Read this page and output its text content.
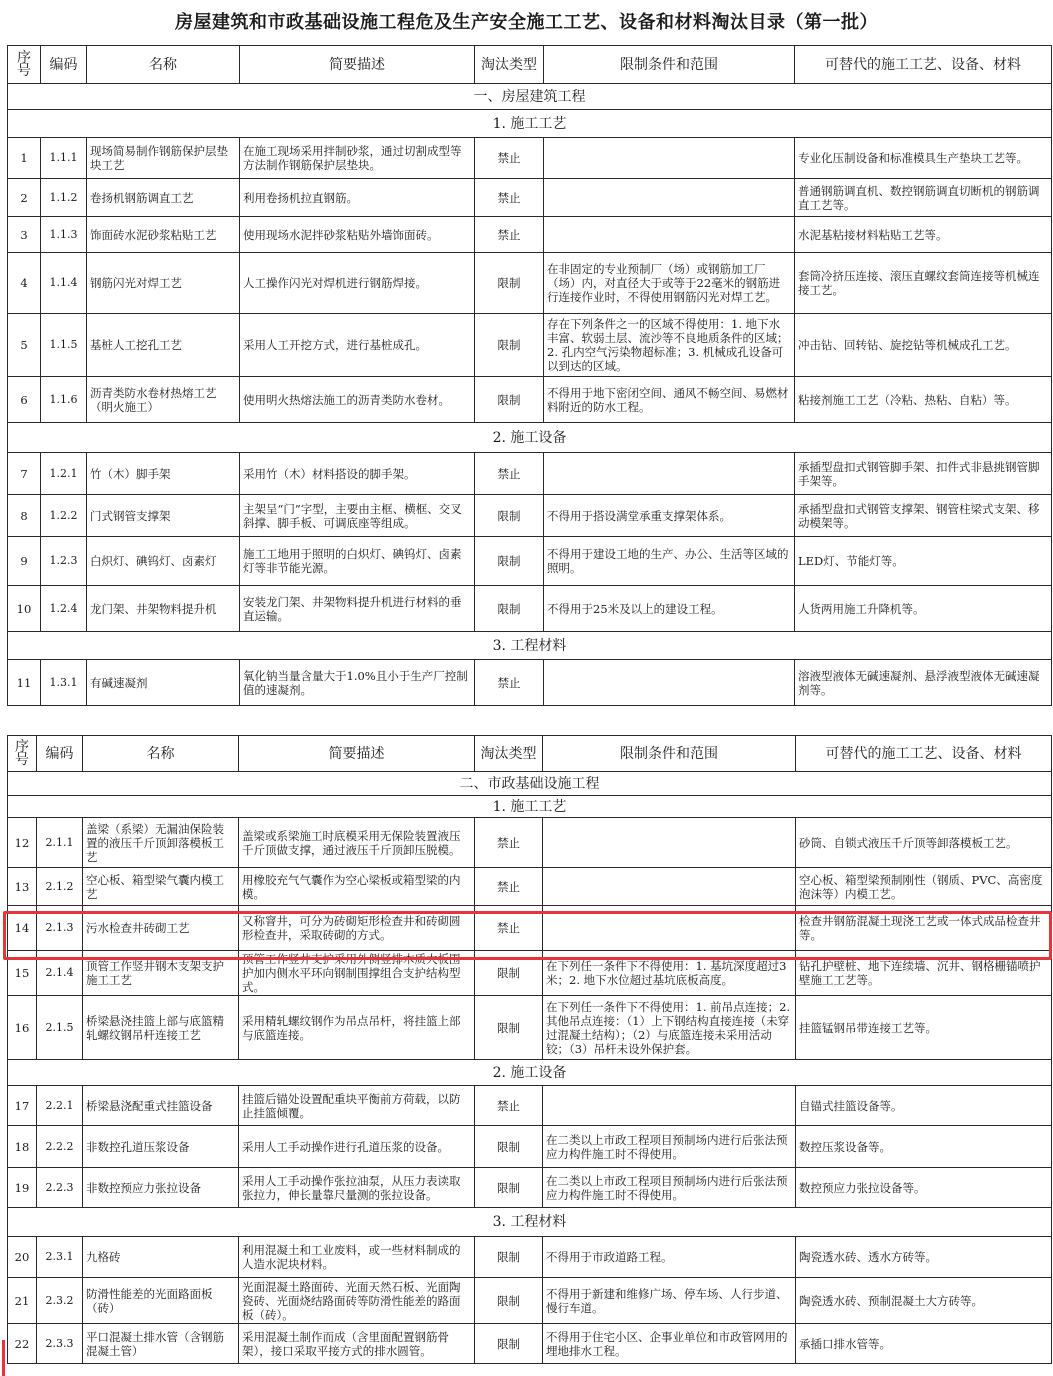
房屋建筑和市政基础设施工程危及生产安全施工工艺、设备和材料淘汰目录（第一批）
序号	编码	名称	简要描述	淘汰类型	限制条件和范围	可替代的施工工艺、设备、材料
一、房屋建筑工程						
1. 施工工艺						
1	1.1.1	现场简易制作钢筋保护层垫块工艺	在施工现场采用拌制砂浆，通过切割成型等方法制作钢筋保护层垫块。	禁止		专业化压制设备和标准模具生产垫块工艺等。
2	1.1.2	卷扬机钢筋调直工艺	利用卷扬机拉直钢筋。	禁止		普通钢筋调直机、数控钢筋调直切断机的钢筋调直工艺等。
3	1.1.3	饰面砖水泥砂浆粘贴工艺	使用现场水泥拌砂浆粘贴外墙饰面砖。	禁止		水泥基粘接材料粘贴工艺等。
4	1.1.4	钢筋闪光对焊工艺	人工操作闪光对焊机进行钢筋焊接。	限制	在非固定的专业预制厂（场）或钢筋加工厂（场）内，对直径大于或等于22毫米的钢筋进行连接作业时，不得使用钢筋闪光对焊工艺。	套筒冷挤压连接、滚压直螺纹套筒连接等机械连接工艺。
5	1.1.5	基桩人工挖孔工艺	采用人工开挖方式，进行基桩成孔。	限制	存在下列条件之一的区域不得使用：1. 地下水丰富、软弱土层、流沙等不良地质条件的区域；2. 孔内空气污染物超标准；3. 机械成孔设备可以到达的区域。	冲击钻、回转钻、旋挖钻等机械成孔工艺。
6	1.1.6	沥青类防水卷材热熔工艺（明火施工）	使用明火热熔法施工的沥青类防水卷材。	限制	不得用于地下密闭空间、通风不畅空间、易燃材料附近的防水工程。	粘接剂施工工艺（冷粘、热粘、自粘）等。
2. 施工设备						
7	1.2.1	竹（木）脚手架	采用竹（木）材料搭设的脚手架。	禁止		承插型盘扣式钢管脚手架、扣件式非悬挑钢管脚手架等。
8	1.2.2	门式钢管支撑架	主架呈“门”字型，主要由主框、横框、交叉斜撑、脚手板、可调底座等组成。	限制	不得用于搭设满堂承重支撑架体系。	承插型盘扣式钢管支撑架、钢管柱梁式支架、移动模架等。
9	1.2.3	白炽灯、碘钨灯、卤素灯	施工工地用于照明的白炽灯、碘钨灯、卤素灯等非节能光源。	限制	不得用于建设工地的生产、办公、生活等区域的照明。	LED灯、节能灯等。
10	1.2.4	龙门架、井架物料提升机	安装龙门架、井架物料提升机进行材料的垂直运输。	限制	不得用于25米及以上的建设工程。	人货两用施工升降机等。
3. 工程材料						
11	1.3.1	有碱速凝剂	氧化钠当量含量大于1.0%且小于生产厂控制值的速凝剂。	禁止		溶液型液体无碱速凝剂、悬浮液型液体无碱速凝剂等。
序号	编码	名称	简要描述	淘汰类型	限制条件和范围	可替代的施工工艺、设备、材料
二、市政基础设施工程						
1. 施工工艺						
12	2.1.1	盖梁（系梁）无漏油保险装置的液压千斤顶卸落模板工艺	盖梁或系梁施工时底模采用无保险装置液压千斤顶做支撑，通过液压千斤顶卸压脱模。	禁止		砂筒、自锁式液压千斤顶等卸落模板工艺。
13	2.1.2	空心板、箱型梁气囊内模工艺	用橡胶充气气囊作为空心梁板或箱型梁的内模。	禁止		空心板、箱型梁预制刚性（钢质、PVC、高密度泡沫等）内模工艺。
14	2.1.3	污水检查井砖砌工艺	又称窨井，可分为砖砌矩形检查井和砖砌圆形检查井，采取砖砌的方式。	禁止		检查井钢筋混凝土现浇工艺或一体式成品检查井等。
15	2.1.4	顶管工作竖井钢木支架支护施工工艺	顶管工作竖井支护采用外侧竖排木质大板围护加内侧水平环向钢制围撑组合支护结构型式。	限制	在下列任一条件下不得使用：1. 基坑深度超过3米；2. 地下水位超过基坑底板高度。	钻孔护壁桩、地下连续墙、沉井、钢格栅锚喷护壁施工工艺等。
16	2.1.5	桥梁悬浇挂篮上部与底篮精轧螺纹钢吊杆连接工艺	采用精轧螺纹钢作为吊点吊杆，将挂篮上部与底篮连接。	限制	在下列任一条件下不得使用：1. 前吊点连接；2. 其他吊点连接：（1）上下钢结构直接连接（未穿过混凝土结构）；（2）与底篮连接未采用活动铰；（3）吊杆未设外保护套。	挂篮锰钢吊带连接工艺等。
2. 施工设备						
17	2.2.1	桥梁悬浇配重式挂篮设备	挂篮后锚处设置配重块平衡前方荷载，以防止挂篮倾覆。	禁止		自锚式挂篮设备等。
18	2.2.2	非数控孔道压浆设备	采用人工手动操作进行孔道压浆的设备。	限制	在二类以上市政工程项目预制场内进行后张法预应力构件施工时不得使用。	数控压浆设备等。
19	2.2.3	非数控预应力张拉设备	采用人工手动操作张拉油泵，从压力表读取张拉力，伸长量靠尺量测的张拉设备。	限制	在二类以上市政工程项目预制场内进行后张法预应力构件施工时不得使用。	数控预应力张拉设备等。
3. 工程材料						
20	2.3.1	九格砖	利用混凝土和工业废料，或一些材料制成的人造水泥块材料。	限制	不得用于市政道路工程。	陶瓷透水砖、透水方砖等。
21	2.3.2	防滑性能差的光面路面板（砖）	光面混凝土路面砖、光面天然石板、光面陶瓷砖、光面烧结路面砖等防滑性能差的路面板（砖）。	限制	不得用于新建和维修广场、停车场、人行步道、慢行车道。	陶瓷透水砖、预制混凝土大方砖等。
22	2.3.3	平口混凝土排水管（含钢筋混凝土管）	采用混凝土制作而成（含里面配置钢筋骨架），接口采取平接方式的排水圆管。	限制	不得用于住宅小区、企事业单位和市政管网用的埋地排水工程。	承插口排水管等。
